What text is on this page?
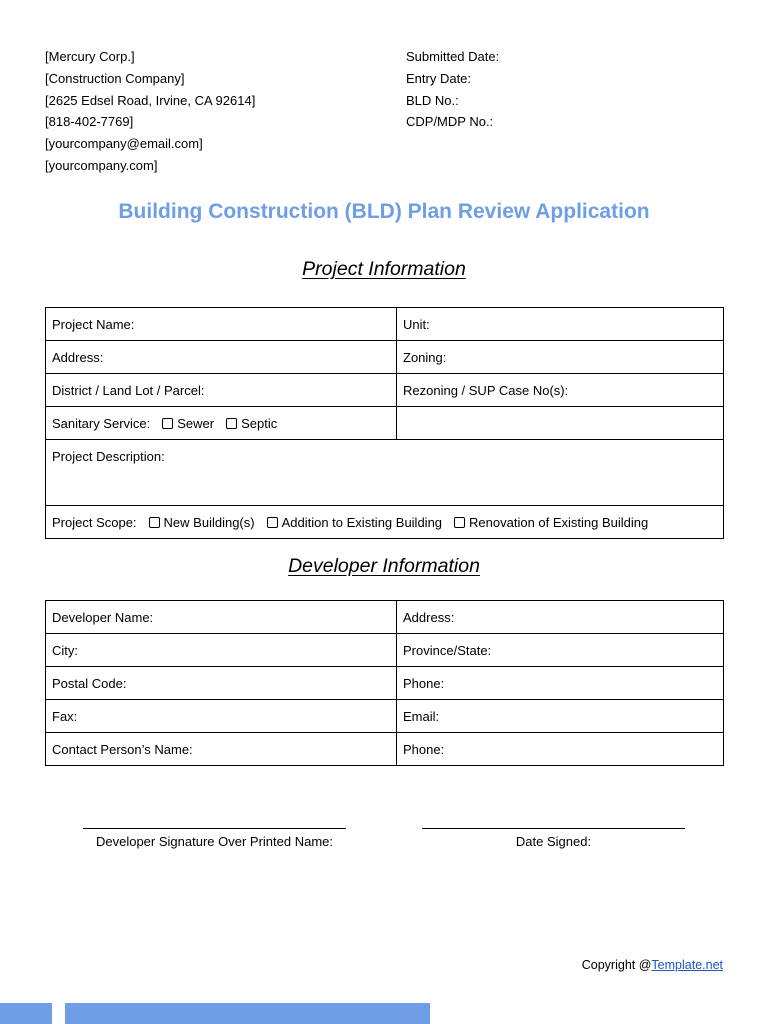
[Mercury Corp.]
[Construction Company]
[2625 Edsel Road, Irvine, CA 92614]
[818-402-7769]
[yourcompany@email.com]
[yourcompany.com]
Submitted Date:
Entry Date:
BLD No.:
CDP/MDP No.:
Building Construction (BLD) Plan Review Application
Project Information
Project Name:	Unit:
Address:	Zoning:
District / Land Lot / Parcel:	Rezoning / SUP Case No(s):
Sanitary Service: Sewer Septic	
Project Description:	
Project Scope: New Building(s) Addition to Existing Building Renovation of Existing Building	
Developer Information
Developer Name:	Address:
City:	Province/State:
Postal Code:	Phone:
Fax:	Email:
Contact Person’s Name:	Phone:
Developer Signature Over Printed Name:	Date Signed:
Copyright @Template.net
